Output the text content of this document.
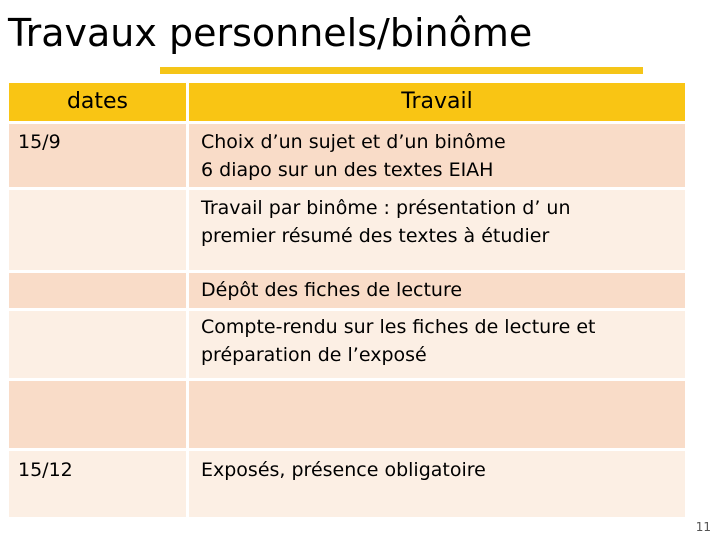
Travaux personnels/binôme
dates	Travail

15/9	Choix d’un sujet et d’un binôme
6 diapo sur un des textes EIAH

	Travail par binôme : présentation d’ un
premier résumé des textes à étudier

	Dépôt des fiches de lecture

	Compte-rendu sur les fiches de lecture et
préparation de l’exposé

15/12	Exposés, présence obligatoire
11
